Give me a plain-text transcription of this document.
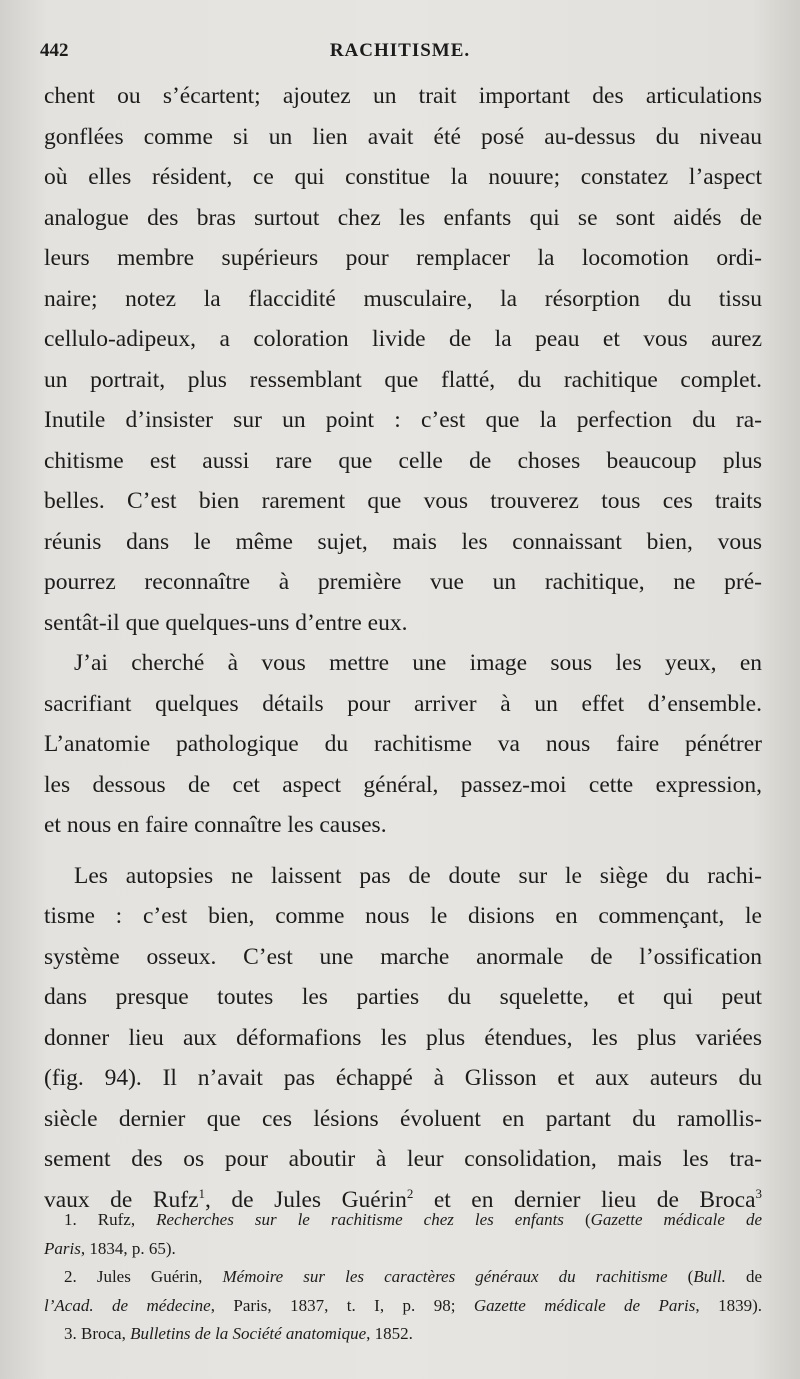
442	RACHITISME.
chent ou s’écartent; ajoutez un trait important des articulations
gonflées comme si un lien avait été posé au-dessus du niveau
où elles résident, ce qui constitue la nouure; constatez l’aspect
analogue des bras surtout chez les enfants qui se sont aidés de
leurs membre supérieurs pour remplacer la locomotion ordi-
naire; notez la flaccidité musculaire, la résorption du tissu
cellulo-adipeux, a coloration livide de la peau et vous aurez
un portrait, plus ressemblant que flatté, du rachitique complet.
Inutile d’insister sur un point : c’est que la perfection du ra-
chitisme est aussi rare que celle de choses beaucoup plus
belles. C’est bien rarement que vous trouverez tous ces traits
réunis dans le même sujet, mais les connaissant bien, vous
pourrez reconnaître à première vue un rachitique, ne pré-
sentât-il que quelques-uns d’entre eux.
J’ai cherché à vous mettre une image sous les yeux, en
sacrifiant quelques détails pour arriver à un effet d’ensemble.
L’anatomie pathologique du rachitisme va nous faire pénétrer
les dessous de cet aspect général, passez-moi cette expression,
et nous en faire connaître les causes.
Les autopsies ne laissent pas de doute sur le siège du rachi-
tisme : c’est bien, comme nous le disions en commençant, le
système osseux. C’est une marche anormale de l’ossification
dans presque toutes les parties du squelette, et qui peut
donner lieu aux déformafions les plus étendues, les plus variées
(fig. 94). Il n’avait pas échappé à Glisson et aux auteurs du
siècle dernier que ces lésions évoluent en partant du ramollis-
sement des os pour aboutir à leur consolidation, mais les tra-
vaux de Rufz$^1$, de Jules Guérin$^2$ et en dernier lieu de Broca$^3$
1. Rufz, Recherches sur le rachitisme chez les enfants (Gazette médicale de
Paris, 1834, p. 65).
2. Jules Guérin, Mémoire sur les caractères généraux du rachitisme (Bull. de
l’Acad. de médecine, Paris, 1837, t. I, p. 98; Gazette médicale de Paris, 1839).
3. Broca, Bulletins de la Société anatomique, 1852.
